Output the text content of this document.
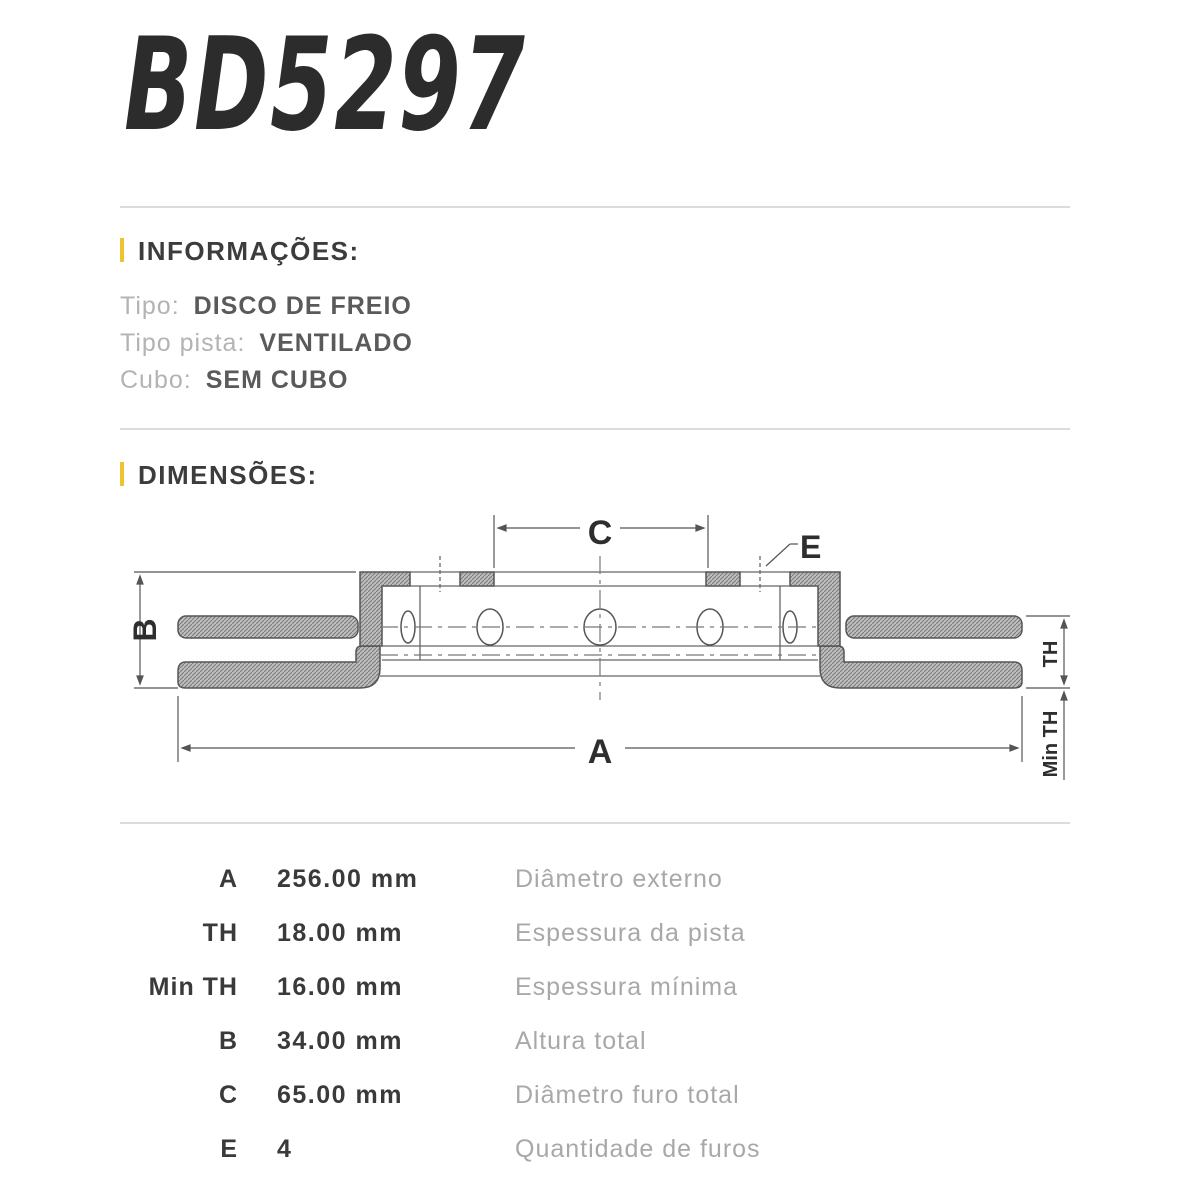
BD5297
INFORMAÇÕES:
Tipo: DISCO DE FREIO
Tipo pista: VENTILADO
Cubo: SEM CUBO
DIMENSÕES:
C	E
A
B
TH
Min TH
A 256.00 mm	Diâmetro externo
TH 18.00 mm	Espessura da pista
Min TH 16.00 mm	Espessura mínima
B 34.00 mm	Altura total
C 65.00 mm	Diâmetro furo total
E 4	Quantidade de furos
